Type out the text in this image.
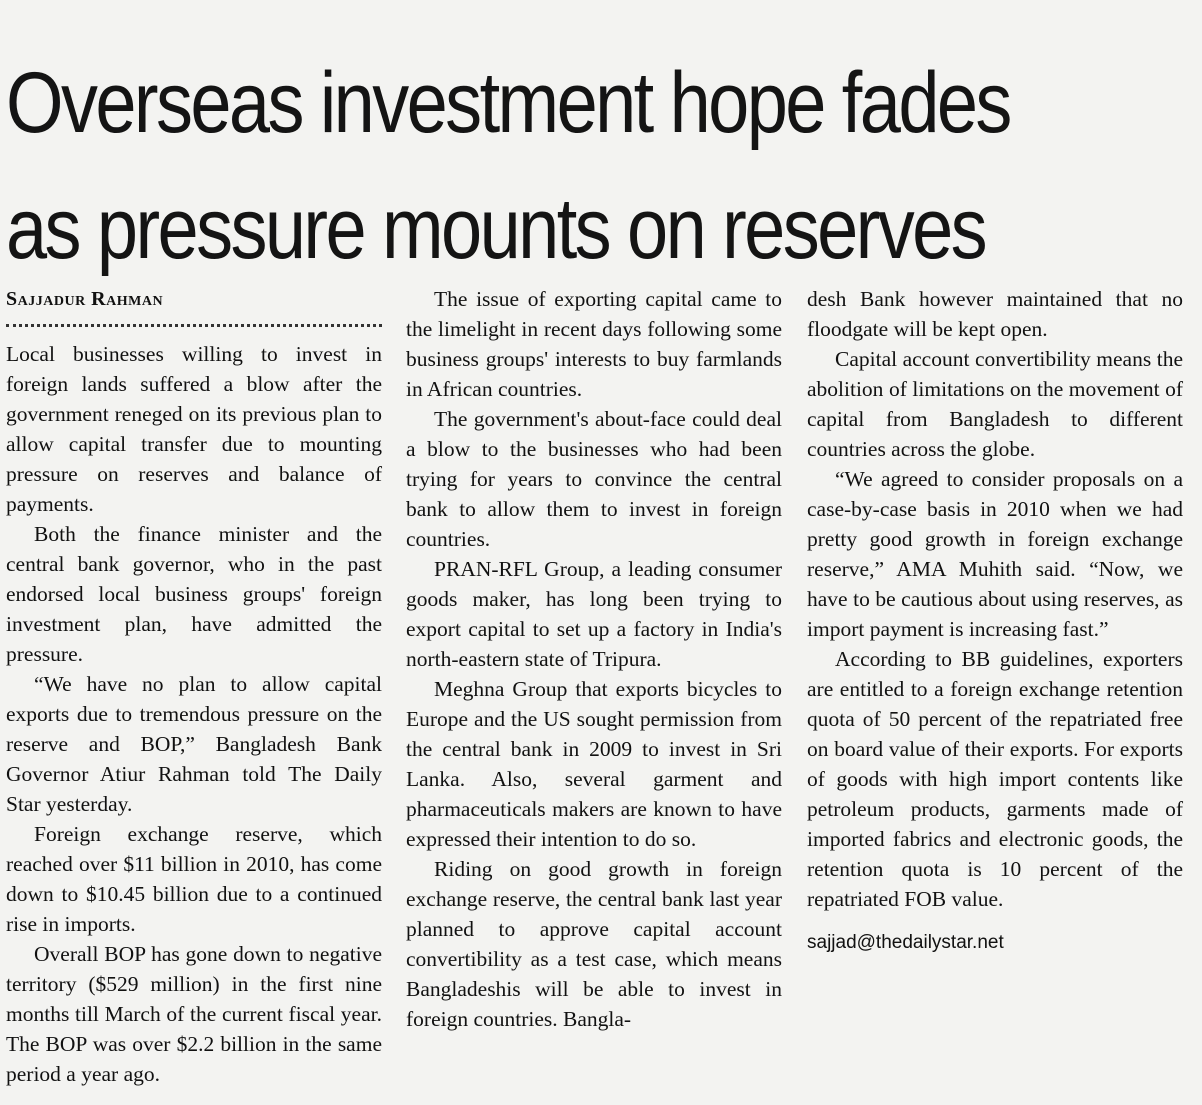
Overseas investment hope fades
as pressure mounts on reserves
Sajjadur Rahman

Local businesses willing to invest in foreign lands suffered a blow after the government reneged on its previous plan to allow capital transfer due to mounting pressure on reserves and balance of payments.

Both the finance minister and the central bank governor, who in the past endorsed local business groups' foreign investment plan, have admitted the pressure.

“We have no plan to allow capital exports due to tremendous pressure on the reserve and BOP,” Bangladesh Bank Governor Atiur Rahman told The Daily Star yesterday.

Foreign exchange reserve, which reached over $11 billion in 2010, has come down to $10.45 billion due to a continued rise in imports.

Overall BOP has gone down to negative territory ($529 million) in the first nine months till March of the current fiscal year. The BOP was over $2.2 billion in the same period a year ago.

The issue of exporting capital came to the limelight in recent days following some business groups' interests to buy farmlands in African countries.

The government's about-face could deal a blow to the businesses who had been trying for years to convince the central bank to allow them to invest in foreign countries.

PRAN-RFL Group, a leading consumer goods maker, has long been trying to export capital to set up a factory in India's north-eastern state of Tripura.

Meghna Group that exports bicycles to Europe and the US sought permission from the central bank in 2009 to invest in Sri Lanka. Also, several garment and pharmaceuticals makers are known to have expressed their intention to do so.

Riding on good growth in foreign exchange reserve, the central bank last year planned to approve capital account convertibility as a test case, which means Bangladeshis will be able to invest in foreign countries. Bangla-

desh Bank however maintained that no floodgate will be kept open.

Capital account convertibility means the abolition of limitations on the movement of capital from Bangladesh to different countries across the globe.

“We agreed to consider proposals on a case-by-case basis in 2010 when we had pretty good growth in foreign exchange reserve,” AMA Muhith said. “Now, we have to be cautious about using reserves, as import payment is increasing fast.”

According to BB guidelines, exporters are entitled to a foreign exchange retention quota of 50 percent of the repatriated free on board value of their exports. For exports of goods with high import contents like petroleum products, garments made of imported fabrics and electronic goods, the retention quota is 10 percent of the repatriated FOB value.

sajjad@thedailystar.net
